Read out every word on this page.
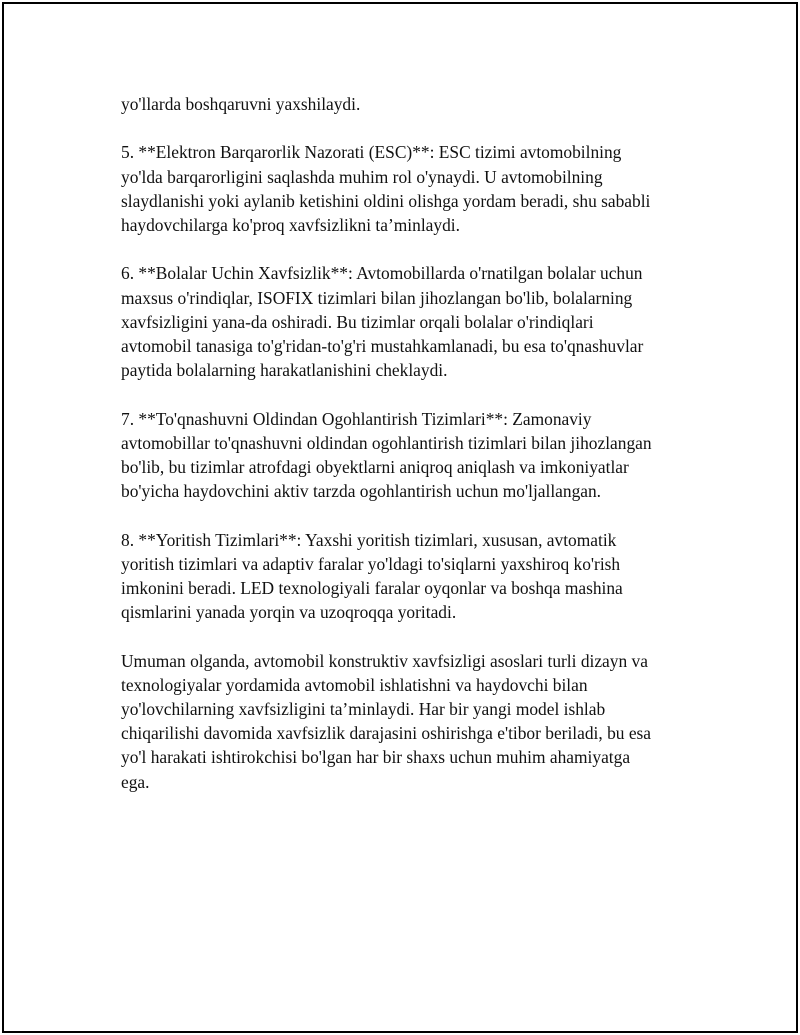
yo'llarda boshqaruvni yaxshilaydi.

5. **Elektron Barqarorlik Nazorati (ESC)**: ESC tizimi avtomobilning
yo'lda barqarorligini saqlashda muhim rol o'ynaydi. U avtomobilning
slaydlanishi yoki aylanib ketishini oldini olishga yordam beradi, shu sababli
haydovchilarga ko'proq xavfsizlikni ta’minlaydi.

6. **Bolalar Uchin Xavfsizlik**: Avtomobillarda o'rnatilgan bolalar uchun
maxsus o'rindiqlar, ISOFIX tizimlari bilan jihozlangan bo'lib, bolalarning
xavfsizligini yana-da oshiradi. Bu tizimlar orqali bolalar o'rindiqlari
avtomobil tanasiga to'g'ridan-to'g'ri mustahkamlanadi, bu esa to'qnashuvlar
paytida bolalarning harakatlanishini cheklaydi.

7. **To'qnashuvni Oldindan Ogohlantirish Tizimlari**: Zamonaviy
avtomobillar to'qnashuvni oldindan ogohlantirish tizimlari bilan jihozlangan
bo'lib, bu tizimlar atrofdagi obyektlarni aniqroq aniqlash va imkoniyatlar
bo'yicha haydovchini aktiv tarzda ogohlantirish uchun mo'ljallangan.

8. **Yoritish Tizimlari**: Yaxshi yoritish tizimlari, xususan, avtomatik
yoritish tizimlari va adaptiv faralar yo'ldagi to'siqlarni yaxshiroq ko'rish
imkonini beradi. LED texnologiyali faralar oyqonlar va boshqa mashina
qismlarini yanada yorqin va uzoqroqqa yoritadi.

Umuman olganda, avtomobil konstruktiv xavfsizligi asoslari turli dizayn va
texnologiyalar yordamida avtomobil ishlatishni va haydovchi bilan
yo'lovchilarning xavfsizligini ta’minlaydi. Har bir yangi model ishlab
chiqarilishi davomida xavfsizlik darajasini oshirishga e'tibor beriladi, bu esa
yo'l harakati ishtirokchisi bo'lgan har bir shaxs uchun muhim ahamiyatga
ega.
